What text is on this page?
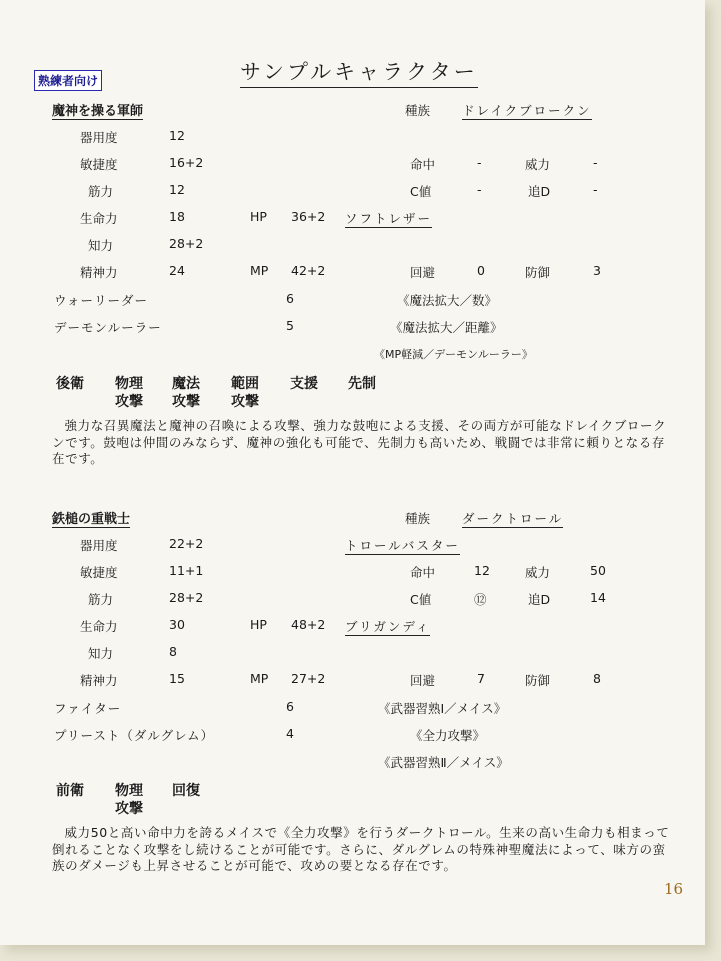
サンプルキャラクター
熟練者向け
魔神を操る軍師	種族	ドレイクブロークン
器用度	12
敏捷度	16+2
筋力	12
生命力	18
知力	28+2
精神力	24
HP 36+2 ソフトレザー
MP 42+2
命中	-	威力	-
C値	-	追D	-
回避	0	防御	3
ウォーリーダー	6	《魔法拡大／数》
デーモンルーラー	5	《魔法拡大／距離》
《MP軽減／デーモンルーラー》
後衛 物理 魔法 範囲 支援 先制
攻撃 攻撃 攻撃
強力な召異魔法と魔神の召喚による攻撃、強力な鼓咆による支援、その両方が可能なドレイクブロークンです。鼓咆は仲間のみならず、魔神の強化も可能で、先制力も高いため、戦闘では非常に頼りとなる存在です。
鉄槌の重戦士	種族	ダークトロール
器用度	22+2
敏捷度	11+1
筋力	28+2
生命力	30
知力	8
精神力	15
トロールバスター
HP 48+2 ブリガンディ
MP 27+2
命中	12	威力	50
C値	⑫	追D	14
回避	7	防御	8
ファイター	6	《武器習熟Ⅰ／メイス》
プリースト（ダルグレム）	4	《全力攻撃》
《武器習熟Ⅱ／メイス》
前衛 物理 回復
攻撃
威力50と高い命中力を誇るメイスで《全力攻撃》を行うダークトロール。生来の高い生命力も相まって倒れることなく攻撃をし続けることが可能です。さらに、ダルグレムの特殊神聖魔法によって、味方の蛮族のダメージも上昇させることが可能で、攻めの要となる存在です。
16
